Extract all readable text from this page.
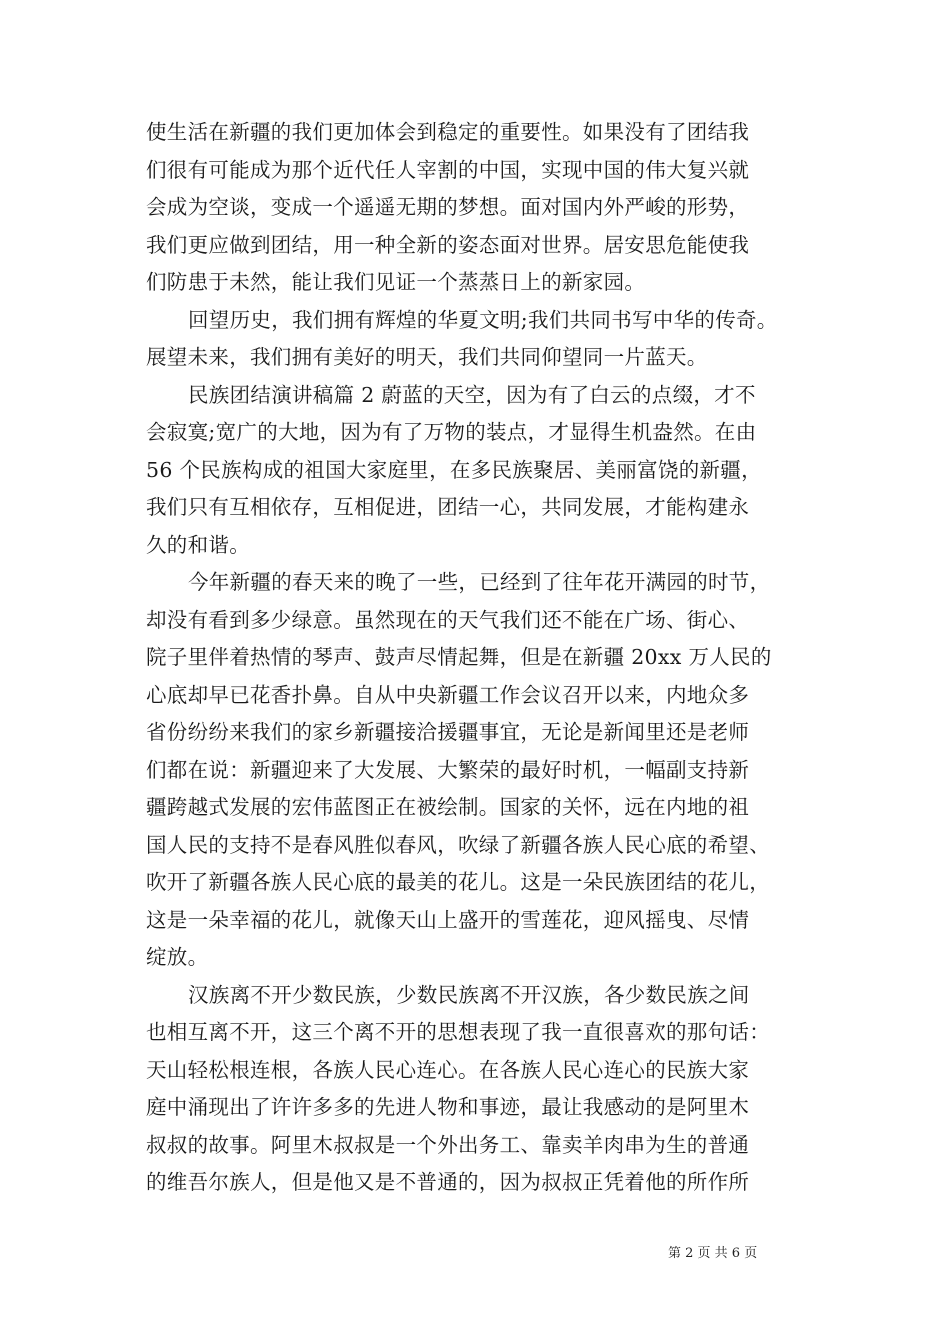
使生活在新疆的我们更加体会到稳定的重要性。如果没有了团结我
们很有可能成为那个近代任人宰割的中国，实现中国的伟大复兴就
会成为空谈，变成一个遥遥无期的梦想。面对国内外严峻的形势，
我们更应做到团结，用一种全新的姿态面对世界。居安思危能使我
们防患于未然，能让我们见证一个蒸蒸日上的新家园。
回望历史，我们拥有辉煌的华夏文明;我们共同书写中华的传奇。
展望未来，我们拥有美好的明天，我们共同仰望同一片蓝天。
民族团结演讲稿篇 2 蔚蓝的天空，因为有了白云的点缀，才不
会寂寞;宽广的大地，因为有了万物的装点，才显得生机盎然。在由
56 个民族构成的祖国大家庭里，在多民族聚居、美丽富饶的新疆，
我们只有互相依存，互相促进，团结一心，共同发展，才能构建永
久的和谐。
今年新疆的春天来的晚了一些，已经到了往年花开满园的时节，
却没有看到多少绿意。虽然现在的天气我们还不能在广场、街心、
院子里伴着热情的琴声、鼓声尽情起舞，但是在新疆 20xx 万人民的
心底却早已花香扑鼻。自从中央新疆工作会议召开以来，内地众多
省份纷纷来我们的家乡新疆接洽援疆事宜，无论是新闻里还是老师
们都在说：新疆迎来了大发展、大繁荣的最好时机，一幅副支持新
疆跨越式发展的宏伟蓝图正在被绘制。国家的关怀，远在内地的祖
国人民的支持不是春风胜似春风，吹绿了新疆各族人民心底的希望、
吹开了新疆各族人民心底的最美的花儿。这是一朵民族团结的花儿，
这是一朵幸福的花儿，就像天山上盛开的雪莲花，迎风摇曳、尽情
绽放。
汉族离不开少数民族，少数民族离不开汉族，各少数民族之间
也相互离不开，这三个离不开的思想表现了我一直很喜欢的那句话：
天山轻松根连根，各族人民心连心。在各族人民心连心的民族大家
庭中涌现出了许许多多的先进人物和事迹，最让我感动的是阿里木
叔叔的故事。阿里木叔叔是一个外出务工、靠卖羊肉串为生的普通
的维吾尔族人，但是他又是不普通的，因为叔叔正凭着他的所作所
第 2 页 共 6 页
